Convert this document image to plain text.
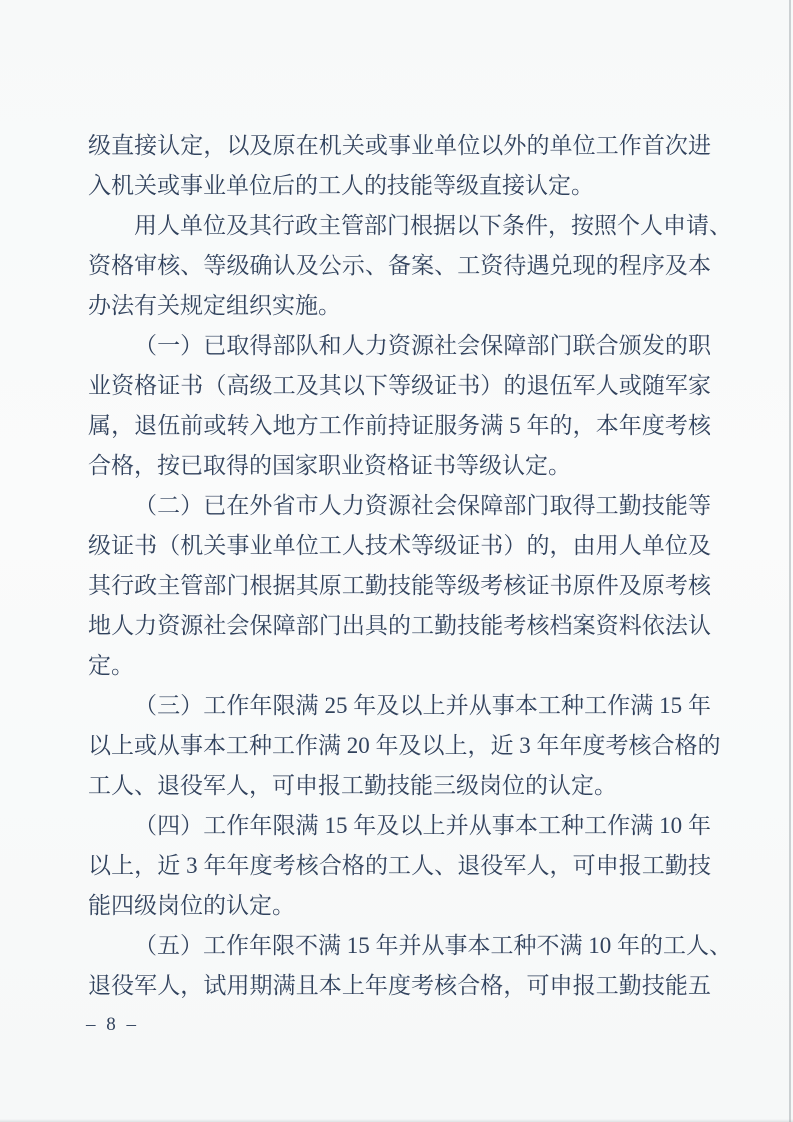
级直接认定，以及原在机关或事业单位以外的单位工作首次进
入机关或事业单位后的工人的技能等级直接认定。
用人单位及其行政主管部门根据以下条件，按照个人申请、
资格审核、等级确认及公示、备案、工资待遇兑现的程序及本
办法有关规定组织实施。
（一）已取得部队和人力资源社会保障部门联合颁发的职
业资格证书（高级工及其以下等级证书）的退伍军人或随军家
属，退伍前或转入地方工作前持证服务满 5 年的，本年度考核
合格，按已取得的国家职业资格证书等级认定。
（二）已在外省市人力资源社会保障部门取得工勤技能等
级证书（机关事业单位工人技术等级证书）的，由用人单位及
其行政主管部门根据其原工勤技能等级考核证书原件及原考核
地人力资源社会保障部门出具的工勤技能考核档案资料依法认
定。
（三）工作年限满 25 年及以上并从事本工种工作满 15 年
以上或从事本工种工作满 20 年及以上，近 3 年年度考核合格的
工人、退役军人，可申报工勤技能三级岗位的认定。
（四）工作年限满 15 年及以上并从事本工种工作满 10 年
以上，近 3 年年度考核合格的工人、退役军人，可申报工勤技
能四级岗位的认定。
（五）工作年限不满 15 年并从事本工种不满 10 年的工人、
退役军人，试用期满且本上年度考核合格，可申报工勤技能五
– 8 –
